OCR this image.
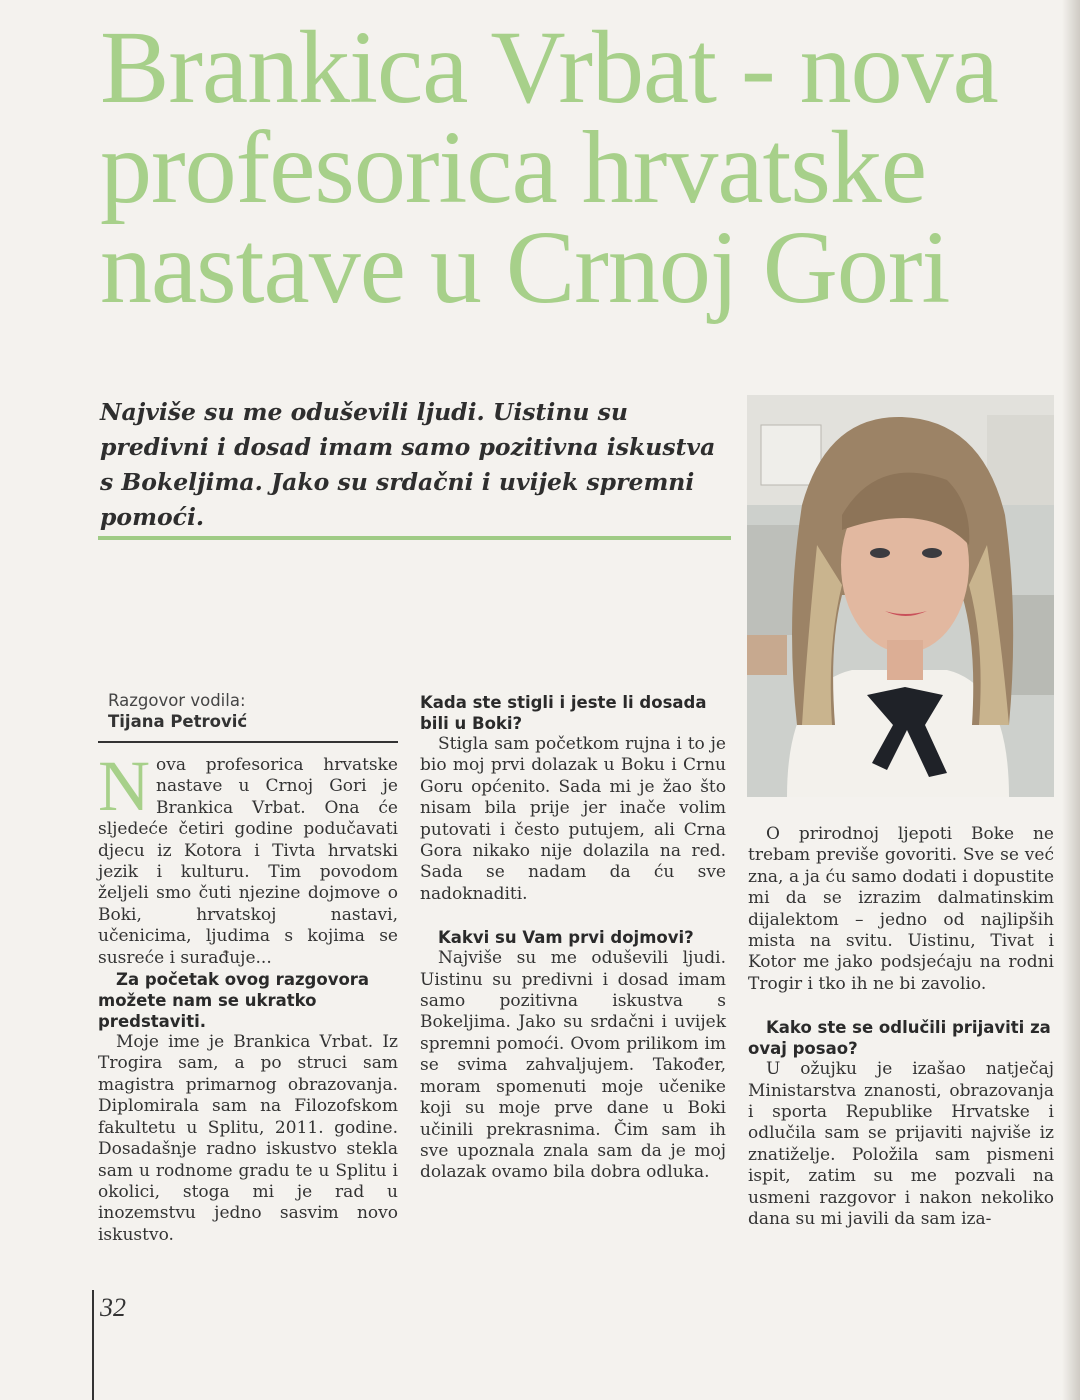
Brankica Vrbat - nova
profesorica hrvatske
nastave u Crnoj Gori

Najviše su me oduševili ljudi. Uistinu su predivni i dosad imam samo pozitivna iskustva s Bokeljima. Jako su srdačni i uvijek spremni pomoći.

Razgovor vodila:
Tijana Petrović

Nova profesorica hrvatske nastave u Crnoj Gori je Brankica Vrbat. Ona će sljedeće četiri godine podučavati djecu iz Kotora i Tivta hrvatski jezik i kulturu. Tim povodom željeli smo čuti njezine dojmove o Boki, hrvatskoj nastavi, učenicima, ljudima s kojima se susreće i surađuje...

Za početak ovog razgovora možete nam se ukratko predstaviti.

Moje ime je Brankica Vrbat. Iz Trogira sam, a po struci sam magistra primarnog obrazovanja. Diplomirala sam na Filozofskom fakultetu u Splitu, 2011. godine. Dosadašnje radno iskustvo stekla sam u rodnome gradu te u Splitu i okolici, stoga mi je rad u inozemstvu jedno sasvim novo iskustvo.

Kada ste stigli i jeste li dosada bili u Boki?

Stigla sam početkom rujna i to je bio moj prvi dolazak u Boku i Crnu Goru općenito. Sada mi je žao što nisam bila prije jer inače volim putovati i često putujem, ali Crna Gora nikako nije dolazila na red. Sada se nadam da ću sve nadoknaditi.

Kakvi su Vam prvi dojmovi?

Najviše su me oduševili ljudi. Uistinu su predivni i dosad imam samo pozitivna iskustva s Bokeljima. Jako su srdačni i uvijek spremni pomoći. Ovom prilikom im se svima zahvaljujem. Također, moram spomenuti moje učenike koji su moje prve dane u Boki učinili prekrasnima. Čim sam ih sve upoznala znala sam da je moj dolazak ovamo bila dobra odluka.

O prirodnoj ljepoti Boke ne trebam previše govoriti. Sve se već zna, a ja ću samo dodati i dopustite mi da se izrazim dalmatinskim dijalektom – jedno od najlipših mista na svitu. Uistinu, Tivat i Kotor me jako podsjećaju na rodni Trogir i tko ih ne bi zavolio.

Kako ste se odlučili prijaviti za ovaj posao?

U ožujku je izašao natječaj Ministarstva znanosti, obrazovanja i sporta Republike Hrvatske i odlučila sam se prijaviti najviše iz znatiželje. Položila sam pismeni ispit, zatim su me pozvali na usmeni razgovor i nakon nekoliko dana su mi javili da sam iza-

32
